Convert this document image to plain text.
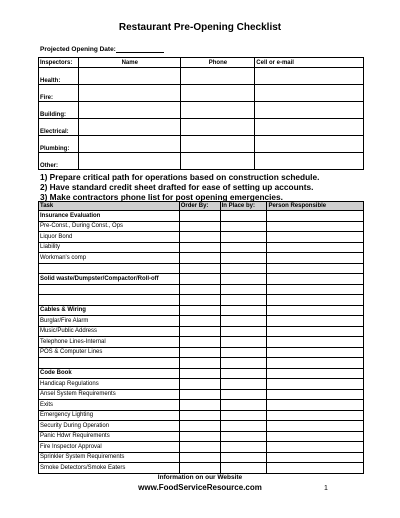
Restaurant Pre-Opening Checklist
Projected Opening Date:
Inspectors:	Name	Phone	Cell or e-mail
Health:			
Fire:			
Building:			
Electrical:			
Plumbing:			
Other:			
1) Prepare critical path for operations based on construction schedule.
2) Have standard credit sheet drafted for ease of setting up accounts.
3) Make contractors phone list for post opening emergencies.
Task	Order By:	In Place by:	Person Responsible
Insurance Evaluation			
Pre-Const., During Const., Ops			
Liquor Bond			
Liability			
Workman's comp			

Solid waste/Dumpster/Compactor/Roll-off			

Cables & Wiring			
Burglar/Fire Alarm			
Music/Public Address			
Telephone Lines-Internal			
POS & Computer Lines			

Code Book			
Handicap Regulations			
Ansel System Requirements			
Exits			
Emergency Lighting			
Security During Operation			
Panic Hdwr Requirements			
Fire Inspector Approval			
Sprinkler System Requirements			
Smoke Detectors/Smoke Eaters			
Information on our Website
www.FoodServiceResource.com	1
